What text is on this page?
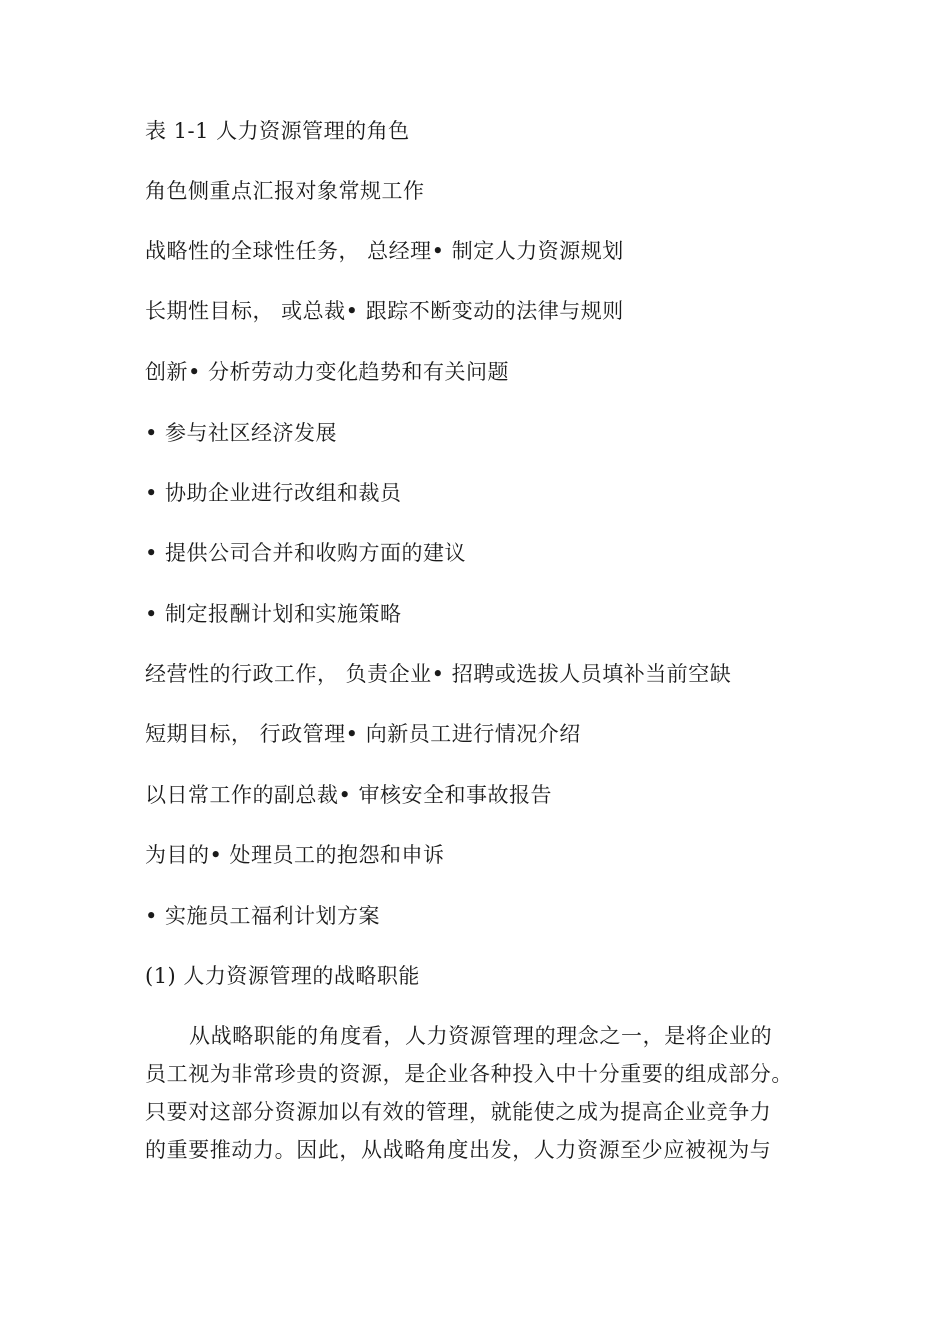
表 1-1 人力资源管理的角色
角色侧重点汇报对象常规工作
战略性的全球性任务， 总经理• 制定人力资源规划
长期性目标， 或总裁• 跟踪不断变动的法律与规则
创新• 分析劳动力变化趋势和有关问题
• 参与社区经济发展
• 协助企业进行改组和裁员
• 提供公司合并和收购方面的建议
• 制定报酬计划和实施策略
经营性的行政工作， 负责企业• 招聘或选拔人员填补当前空缺
短期目标， 行政管理• 向新员工进行情况介绍
以日常工作的副总裁• 审核安全和事故报告
为目的• 处理员工的抱怨和申诉
• 实施员工福利计划方案
(1) 人力资源管理的战略职能
从战略职能的角度看，人力资源管理的理念之一，是将企业的
员工视为非常珍贵的资源，是企业各种投入中十分重要的组成部分。
只要对这部分资源加以有效的管理，就能使之成为提高企业竞争力
的重要推动力。因此，从战略角度出发，人力资源至少应被视为与
